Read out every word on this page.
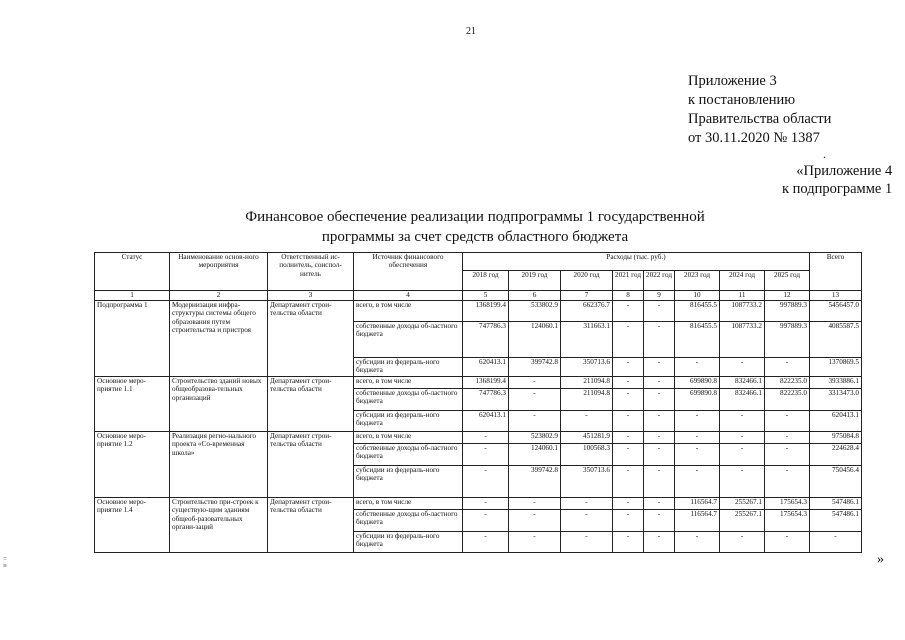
21
Приложение 3
к постановлению
Правительства области
от 30.11.2020 № 1387
.
«Приложение 4
к подпрограмме 1
Финансовое обеспечение реализации подпрограммы 1 государственной
программы за счет средств областного бюджета
Статус	Наименование основ-ного мероприятия	Ответственный ис-полнитель, соиспол-нитель	Источник финансового обеспечения	Расходы (тыс. руб.)								Всего
				2018 год	2019 год	2020 год	2021 год	2022 год	2023 год	2024 год	2025 год	
1	2	3	4	5	6	7	8	9	10	11	12	13
Подпрограмма 1	Модернизация инфра-структуры системы общего образования путем строительства и пристроя	Департамент строи-тельства области	всего, в том числе	1368199.4	533802.9	662376.7	-	-	816455.5	1087733.2	997889.3	5456457.0
			собственные доходы об-ластного бюджета	747786.3	124060.1	311663.1	-	-	816455.5	1087733.2	997889.3	4085587.5
			субсидии из федераль-ного бюджета	620413.1	399742.8	350713.6	-	-	-	-	-	1370869.5
Основное меро-приятие 1.1	Строительство зданий новых общеобразова-тельных организаций	Департамент строи-тельства области	всего, в том числе	1368199.4	-	211094.8	-	-	699890.8	832466.1	822235.0	3933886.1
			собственные доходы об-ластного бюджета	747786.3	-	211094.8	-	-	699890.8	832466.1	822235.0	3313473.0
			субсидии из федераль-ного бюджета	620413.1	-	-	-	-	-	-	-	620413.1
Основное меро-приятие 1.2	Реализация регио-нального проекта «Со-временная школа»	Департамент строи-тельства области	всего, в том числе	-	523802.9	451281.9	-	-	-	-	-	975084.8
			собственные доходы об-ластного бюджета	-	124060.1	100568.3	-	-	-	-	-	224628.4
			субсидии из федераль-ного бюджета	-	399742.8	350713.6	-	-	-	-	-	750456.4
Основное меро-приятие 1.4	Строительство при-строек к существую-щим зданиям общеоб-разовательных органи-заций	Департамент строи-тельства области	всего, в том числе	-	-	-	-	-	116564.7	255267.1	175654.3	547486.1
			собственные доходы об-ластного бюджета	-	-	-	-	-	116564.7	255267.1	175654.3	547486.1
			субсидии из федераль-ного бюджета	-	-	-	-	-	-	-	-	-
»
=
≡
